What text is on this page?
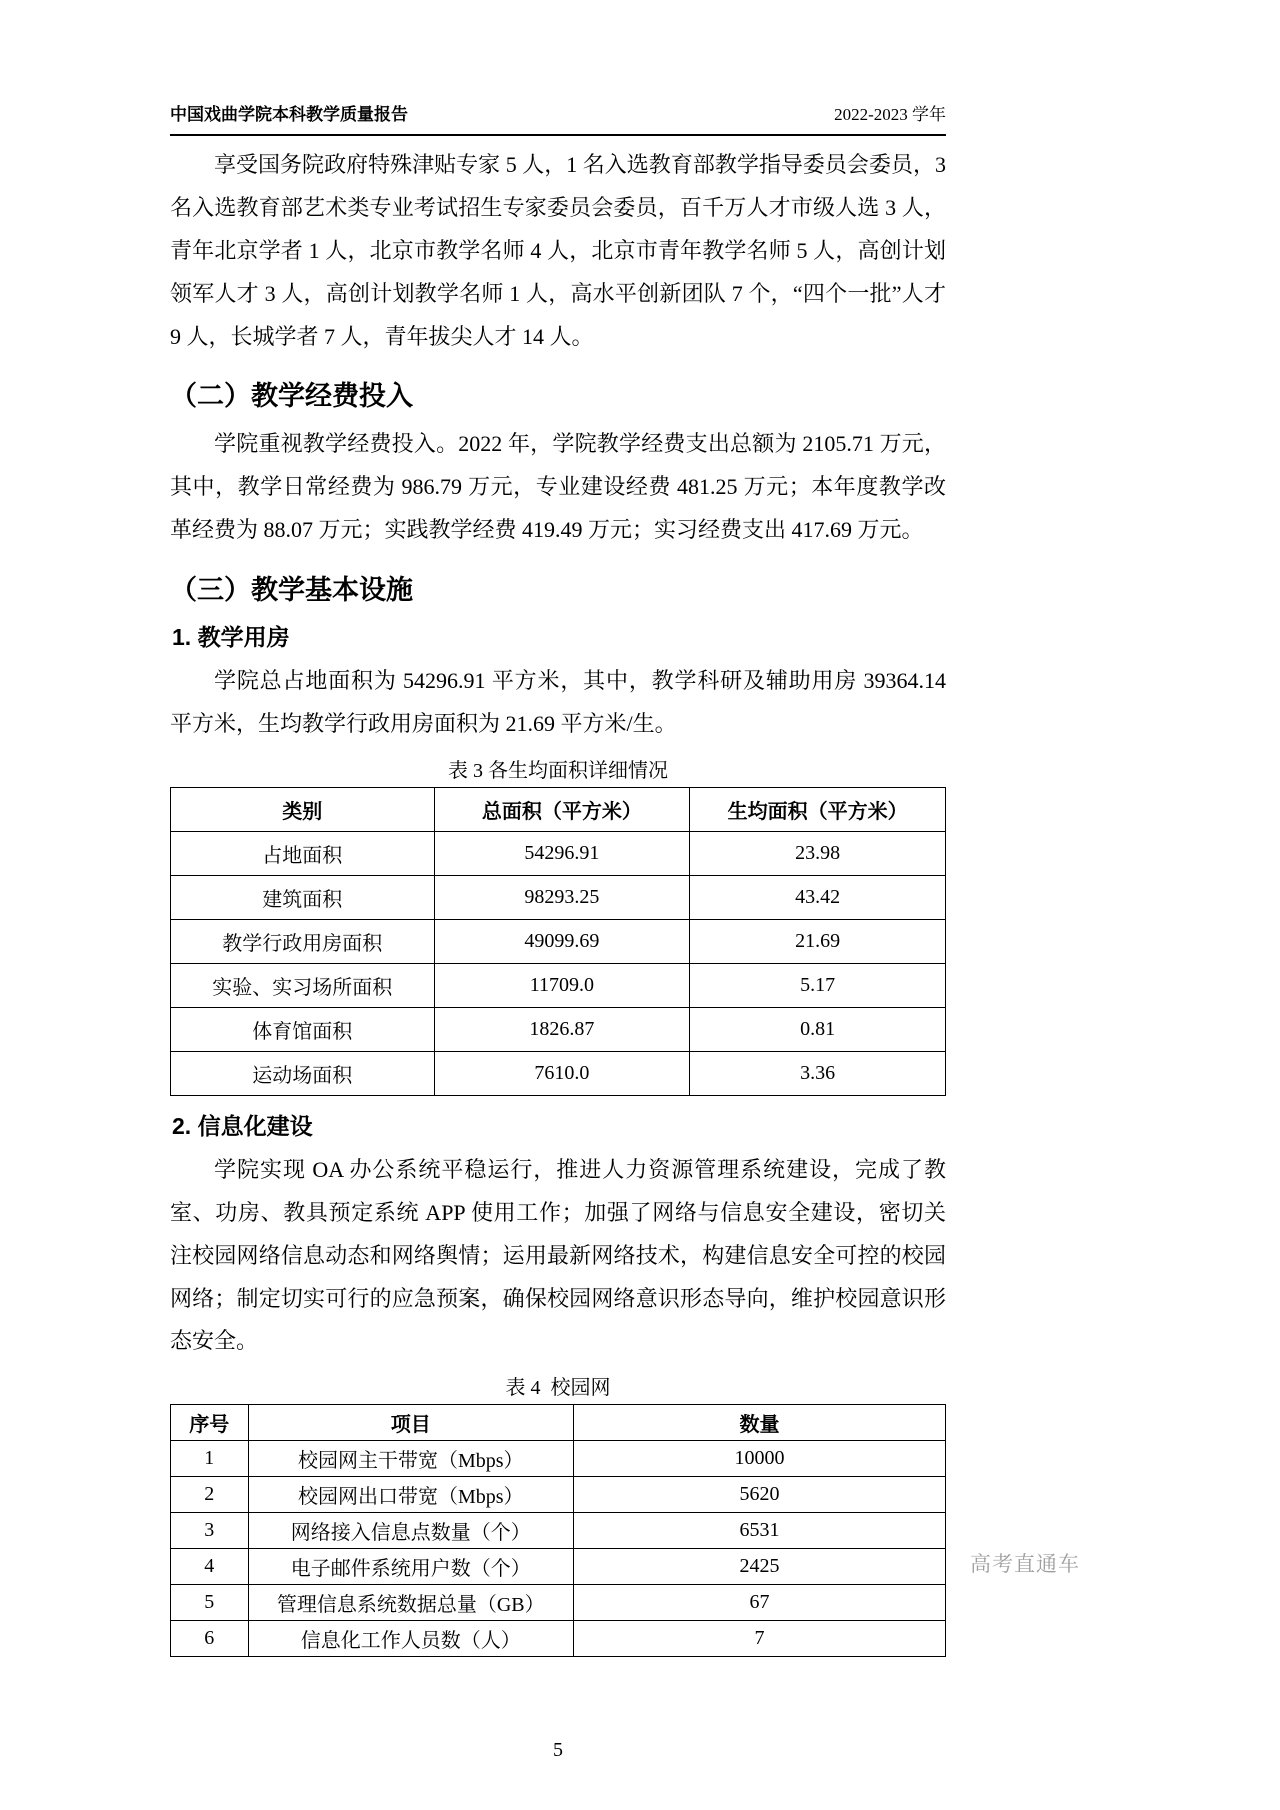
中国戏曲学院本科教学质量报告	2022-2023 学年

享受国务院政府特殊津贴专家 5 人，1 名入选教育部教学指导委员会委员，3 名入选教育部艺术类专业考试招生专家委员会委员，百千万人才市级人选 3 人，青年北京学者 1 人，北京市教学名师 4 人，北京市青年教学名师 5 人，高创计划领军人才 3 人，高创计划教学名师 1 人，高水平创新团队 7 个，“四个一批”人才 9 人，长城学者 7 人，青年拔尖人才 14 人。

（二）教学经费投入

学院重视教学经费投入。2022 年，学院教学经费支出总额为 2105.71 万元，其中，教学日常经费为 986.79 万元，专业建设经费 481.25 万元；本年度教学改革经费为 88.07 万元；实践教学经费 419.49 万元；实习经费支出 417.69 万元。

（三）教学基本设施
1. 教学用房

学院总占地面积为 54296.91 平方米，其中，教学科研及辅助用房 39364.14 平方米，生均教学行政用房面积为 21.69 平方米/生。

表 3 各生均面积详细情况
类别	总面积（平方米）	生均面积（平方米）
占地面积	54296.91	23.98
建筑面积	98293.25	43.42
教学行政用房面积	49099.69	21.69
实验、实习场所面积	11709.0	5.17
体育馆面积	1826.87	0.81
运动场面积	7610.0	3.36
2. 信息化建设

学院实现 OA 办公系统平稳运行，推进人力资源管理系统建设，完成了教室、功房、教具预定系统 APP 使用工作；加强了网络与信息安全建设，密切关注校园网络信息动态和网络舆情；运用最新网络技术，构建信息安全可控的校园网络；制定切实可行的应急预案，确保校园网络意识形态导向，维护校园意识形态安全。

表 4  校园网
序号	项目	数量
1	校园网主干带宽（Mbps）	10000
2	校园网出口带宽（Mbps）	5620
3	网络接入信息点数量（个）	6531
4	电子邮件系统用户数（个）	2425
5	管理信息系统数据总量（GB）	67
6	信息化工作人员数（人）	7
5
高考直通车
